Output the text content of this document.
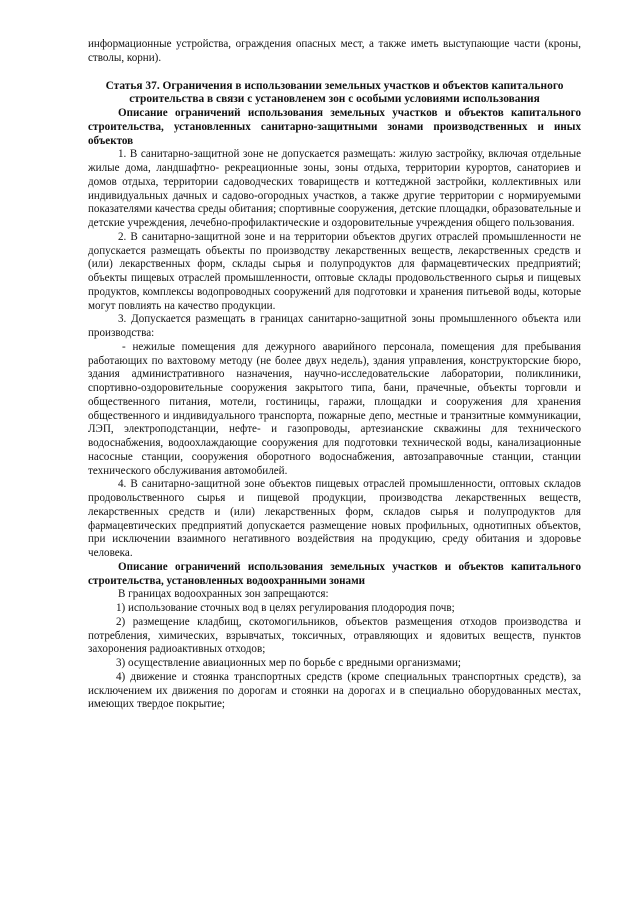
информационные устройства, ограждения опасных мест, а также иметь выступающие части (кроны, стволы, корни).

Статья 37. Ограничения в использовании земельных участков и объектов капитального строительства в связи с установленем зон с особыми условиями использования

Описание ограничений использования земельных участков и объектов капитального строительства, установленных санитарно-защитными зонами производственных и иных объектов

1. В санитарно-защитной зоне не допускается размещать: жилую застройку, включая отдельные жилые дома, ландшафтно- рекреационные зоны, зоны отдыха, территории курортов, санаториев и домов отдыха, территории садоводческих товариществ и коттеджной застройки, коллективных или индивидуальных дачных и садово-огородных участков, а также другие территории с нормируемыми показателями качества среды обитания; спортивные сооружения, детские площадки, образовательные и детские учреждения, лечебно-профилактические и оздоровительные учреждения общего пользования.

2. В санитарно-защитной зоне и на территории объектов других отраслей промышленности не допускается размещать объекты по производству лекарственных веществ, лекарственных средств и (или) лекарственных форм, склады сырья и полупродуктов для фармацевтических предприятий; объекты пищевых отраслей промышленности, оптовые склады продовольственного сырья и пищевых продуктов, комплексы водопроводных сооружений для подготовки и хранения питьевой воды, которые могут повлиять на качество продукции.

3. Допускается размещать в границах санитарно-защитной зоны промышленного объекта или производства:

- нежилые помещения для дежурного аварийного персонала, помещения для пребывания работающих по вахтовому методу (не более двух недель), здания управления, конструкторские бюро, здания административного назначения, научно-исследовательские лаборатории, поликлиники, спортивно-оздоровительные сооружения закрытого типа, бани, прачечные, объекты торговли и общественного питания, мотели, гостиницы, гаражи, площадки и сооружения для хранения общественного и индивидуального транспорта, пожарные депо, местные и транзитные коммуникации, ЛЭП, электроподстанции, нефте- и газопроводы, артезианские скважины для технического водоснабжения, водоохлаждающие сооружения для подготовки технической воды, канализационные насосные станции, сооружения оборотного водоснабжения, автозаправочные станции, станции технического обслуживания автомобилей.

4. В санитарно-защитной зоне объектов пищевых отраслей промышленности, оптовых складов продовольственного сырья и пищевой продукции, производства лекарственных веществ, лекарственных средств и (или) лекарственных форм, складов сырья и полупродуктов для фармацевтических предприятий допускается размещение новых профильных, однотипных объектов, при исключении взаимного негативного воздействия на продукцию, среду обитания и здоровье человека.

Описание ограничений использования земельных участков и объектов капитального строительства, установленных водоохранными зонами

В границах водоохранных зон запрещаются:

1) использование сточных вод в целях регулирования плодородия почв;

2) размещение кладбищ, скотомогильников, объектов размещения отходов производства и потребления, химических, взрывчатых, токсичных, отравляющих и ядовитых веществ, пунктов захоронения радиоактивных отходов;

3) осуществление авиационных мер по борьбе с вредными организмами;

4) движение и стоянка транспортных средств (кроме специальных транспортных средств), за исключением их движения по дорогам и стоянки на дорогах и в специально оборудованных местах, имеющих твердое покрытие;
